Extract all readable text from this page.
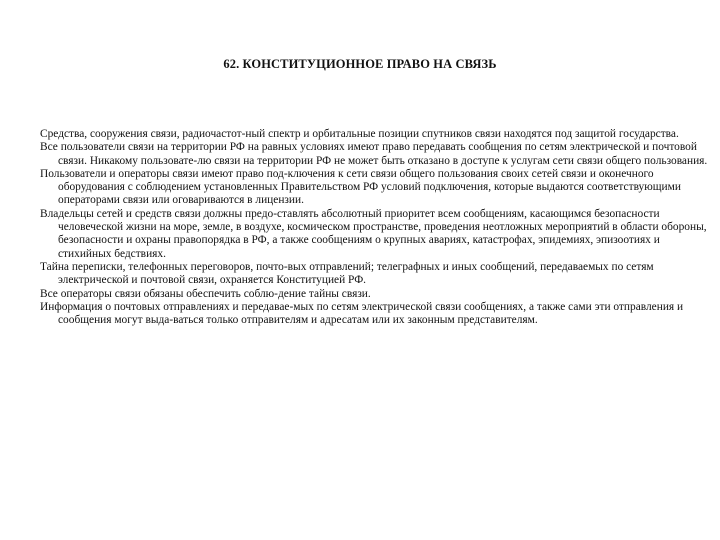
62. КОНСТИТУЦИОННОЕ ПРАВО НА СВЯЗЬ

Средства, сооружения связи, радиочастот-ный спектр и орбитальные позиции спутников связи находятся под защитой государства.

Все пользователи связи на территории РФ на равных условиях имеют право передавать сообщения по сетям электрической и почтовой связи. Никакому пользовате-лю связи на территории РФ не может быть отказано в доступе к услугам сети связи общего пользования.

Пользователи и операторы связи имеют право под-ключения к сети связи общего пользования своих сетей связи и оконечного оборудования с соблюдением установленных Правительством РФ условий подключения, которые выдаются соответствующими операторами связи или оговариваются в лицензии.

Владельцы сетей и средств связи должны предо-ставлять абсолютный приоритет всем сообщениям, касающимся безопасности человеческой жизни на море, земле, в воздухе, космическом пространстве, проведения неотложных мероприятий в области обороны, безопасности и охраны правопорядка в РФ, а также сообщениям о крупных авариях, катастрофах, эпидемиях, эпизоотиях и стихийных бедствиях.

Тайна переписки, телефонных переговоров, почто-вых отправлений; телеграфных и иных сообщений, передаваемых по сетям электрической и почтовой связи, охраняется Конституцией РФ.

Все операторы связи обязаны обеспечить соблю-дение тайны связи.

Информация о почтовых отправлениях и передавае-мых по сетям электрической связи сообщениях, а также сами эти отправления и сообщения могут выда-ваться только отправителям и адресатам или их законным представителям.
